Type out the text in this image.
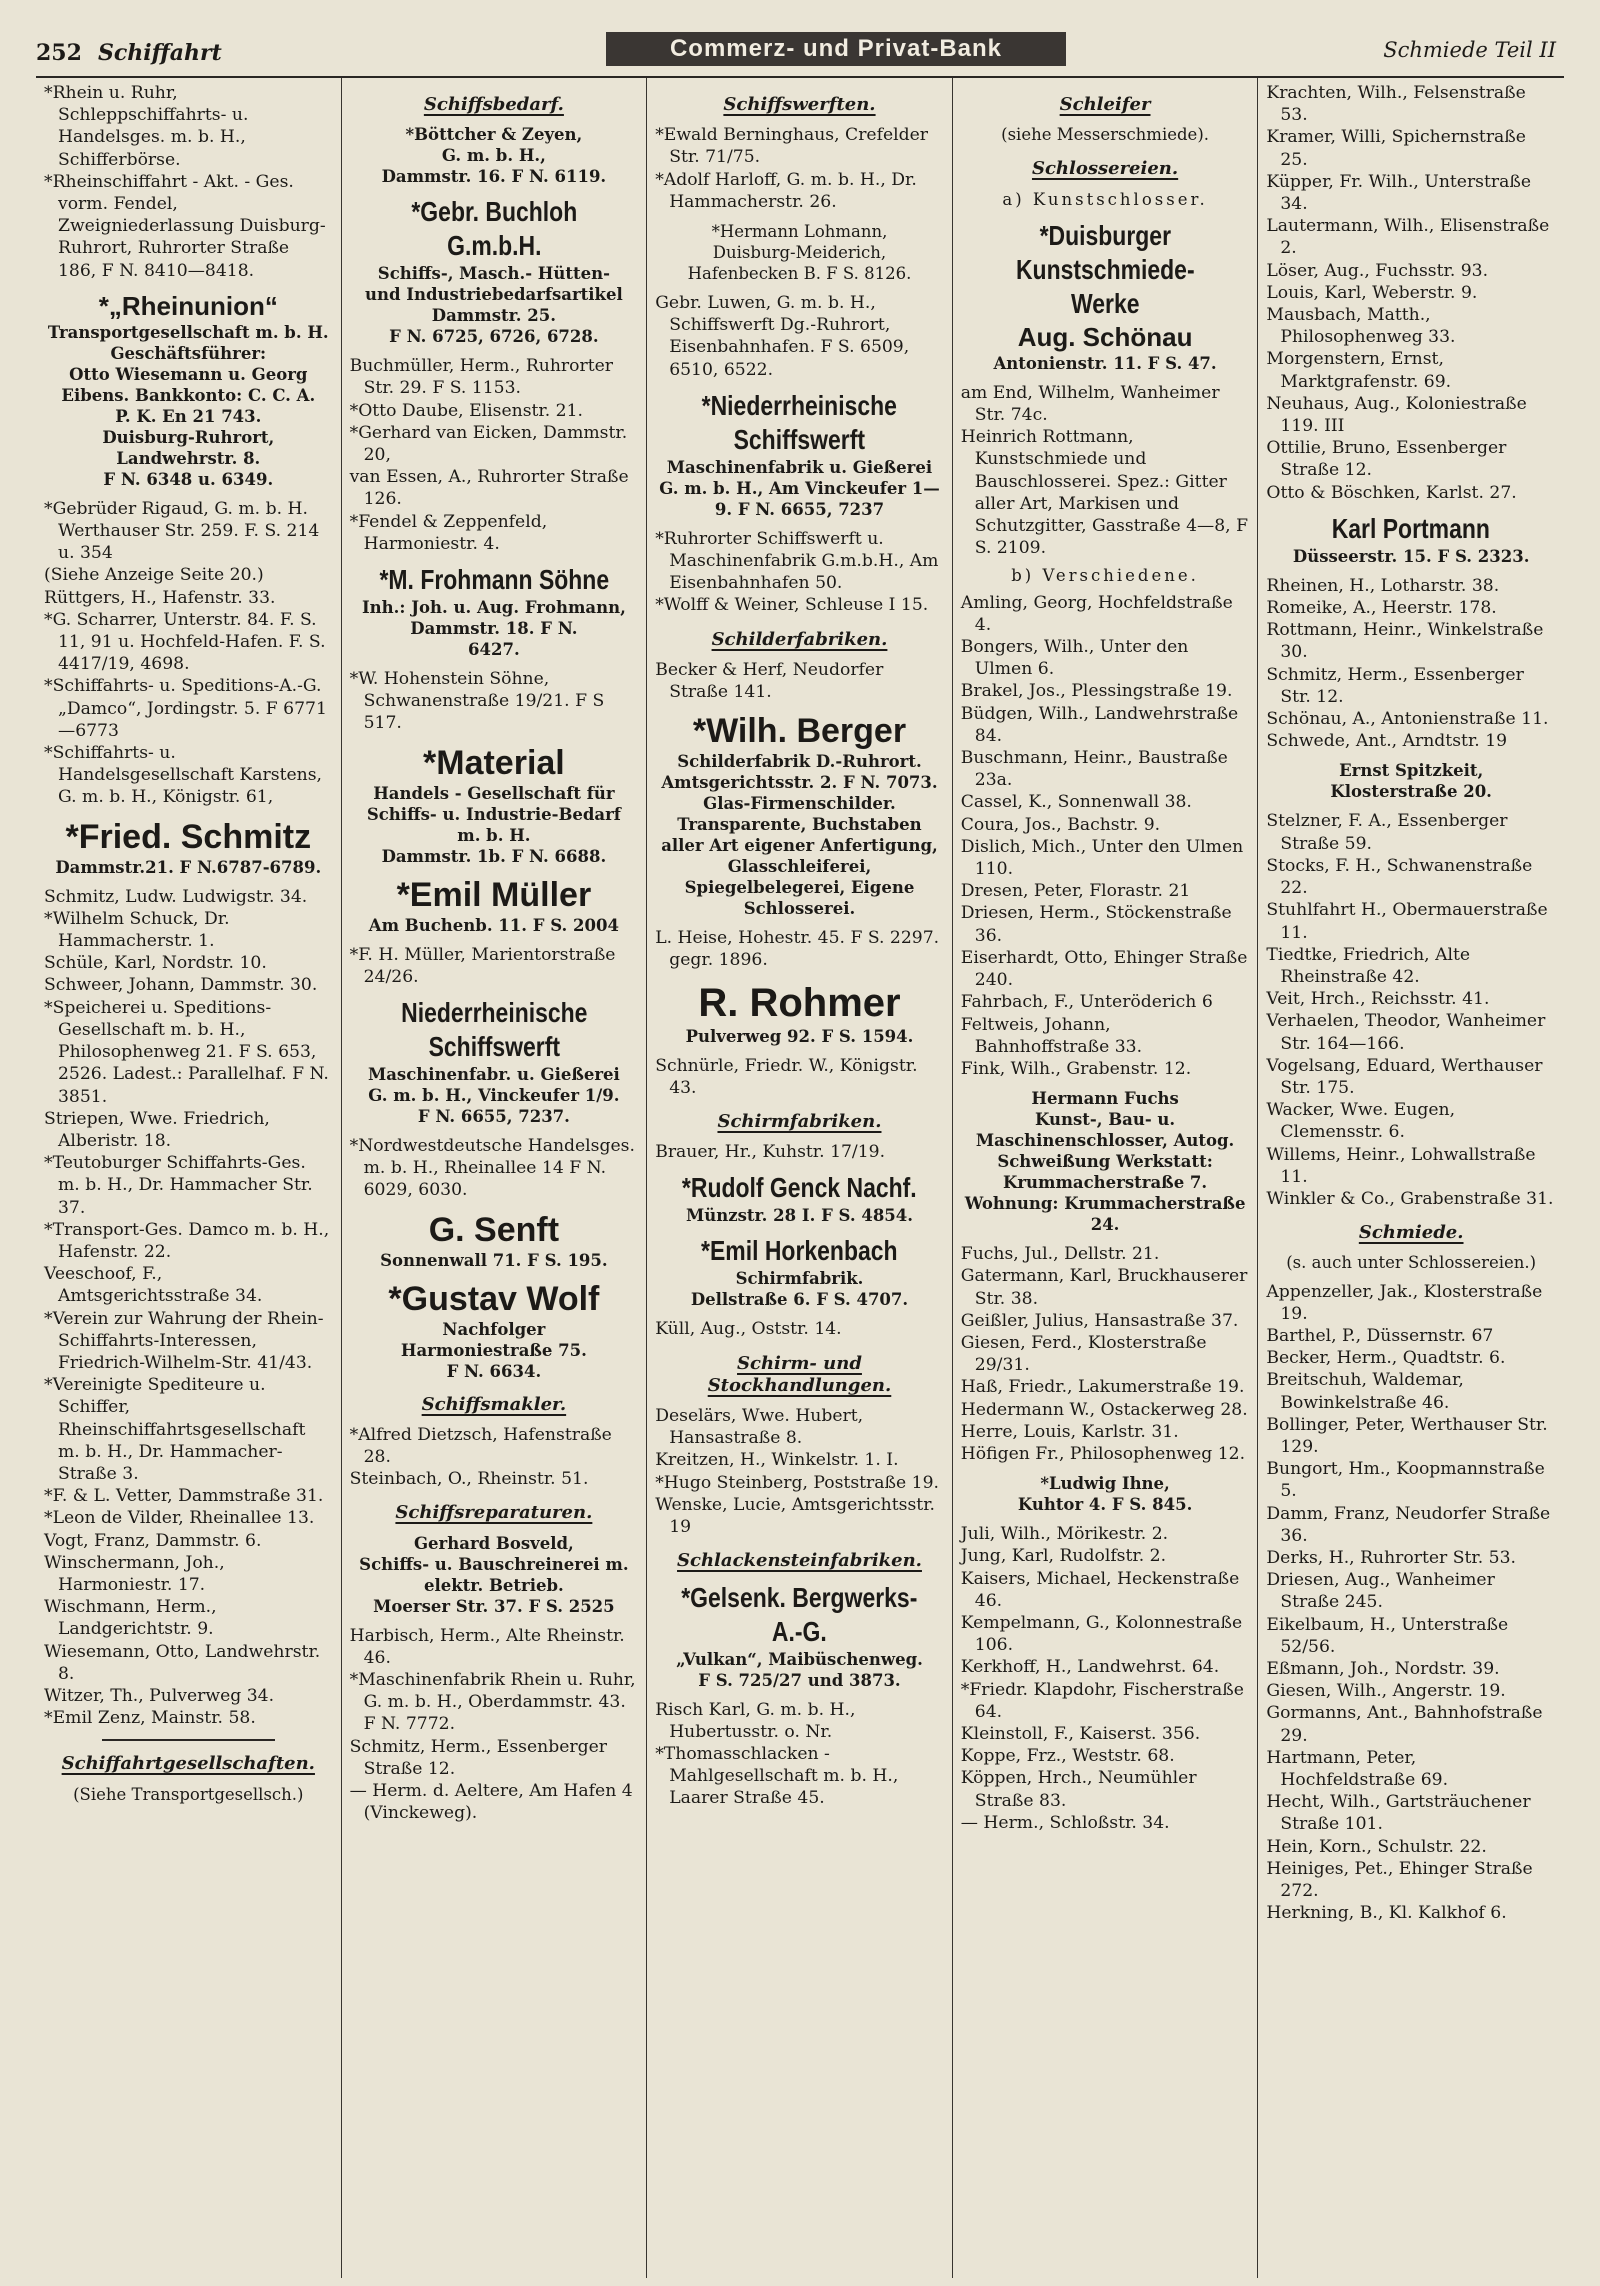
252 Schiffahrt	Commerz- und Privat-Bank	Schmiede Teil II

*Rhein u. Ruhr, Schleppschiffahrts- u. Handelsges. m. b. H., Schifferbörse.

*Rheinschiffahrt - Akt. - Ges. vorm. Fendel, Zweigniederlassung Duisburg-Ruhrort, Ruhrorter Straße 186, F N. 8410—8418.

*„Rheinunion“
Transportgesellschaft m. b. H.
Geschäftsführer:
Otto Wiesemann u. Georg
Eibens. Bankkonto: C. C. A.
P. K. En 21 743.
Duisburg-Ruhrort,
Landwehrstr. 8.
F N. 6348 u. 6349.

*Gebrüder Rigaud, G. m. b. H. Werthauser Str. 259. F. S. 214 u. 354

(Siehe Anzeige Seite 20.)

Rüttgers, H., Hafenstr. 33.

*G. Scharrer, Unterstr. 84. F. S. 11, 91 u. Hochfeld-Hafen. F. S. 4417/19, 4698.

*Schiffahrts- u. Speditions-A.-G. „Damco“, Jordingstr. 5. F 6771—6773

*Schiffahrts- u. Handelsgesellschaft Karstens, G. m. b. H., Königstr. 61,

*Fried. Schmitz
Dammstr.21. F N.6787-6789.

Schmitz, Ludw. Ludwigstr. 34.

*Wilhelm Schuck, Dr. Hammacherstr. 1.

Schüle, Karl, Nordstr. 10.

Schweer, Johann, Dammstr. 30.

*Speicherei u. Speditions-Gesellschaft m. b. H., Philosophenweg 21. F S. 653, 2526. Ladest.: Parallelhaf. F N. 3851.

Striepen, Wwe. Friedrich, Alberistr. 18.

*Teutoburger Schiffahrts-Ges. m. b. H., Dr. Hammacher Str. 37.

*Transport-Ges. Damco m. b. H., Hafenstr. 22.

Veeschoof, F., Amtsgerichtsstraße 34.

*Verein zur Wahrung der Rhein-Schiffahrts-Interessen, Friedrich-Wilhelm-Str. 41/43.

*Vereinigte Spediteure u. Schiffer, Rheinschiffahrtsgesellschaft m. b. H., Dr. Hammacher-Straße 3.

*F. & L. Vetter, Dammstraße 31.

*Leon de Vilder, Rheinallee 13.

Vogt, Franz, Dammstr. 6.

Winschermann, Joh., Harmoniestr. 17.

Wischmann, Herm., Landgerichtstr. 9.

Wiesemann, Otto, Landwehrstr. 8.

Witzer, Th., Pulverweg 34.

*Emil Zenz, Mainstr. 58.

Schiffahrtgesellschaften.
(Siehe Transportgesellsch.)
Schiffsbedarf.
*Böttcher & Zeyen,
G. m. b. H.,
Dammstr. 16. F N. 6119.
*Gebr. Buchloh G.m.b.H.
Schiffs-, Masch.- Hütten-
und Industriebedarfsartikel
Dammstr. 25.
F N. 6725, 6726, 6728.

Buchmüller, Herm., Ruhrorter Str. 29. F S. 1153.

*Otto Daube, Elisenstr. 21.

*Gerhard van Eicken, Dammstr. 20,

van Essen, A., Ruhrorter Straße 126.

*Fendel & Zeppenfeld, Harmoniestr. 4.

*M. Frohmann Söhne
Inh.: Joh. u. Aug. Frohmann, Dammstr. 18. F N.
6427.

*W. Hohenstein Söhne, Schwanenstraße 19/21. F S 517.

*Material
Handels - Gesellschaft für
Schiffs- u. Industrie-Bedarf
m. b. H.
Dammstr. 1b. F N. 6688.
*Emil Müller
Am Buchenb. 11. F S. 2004

*F. H. Müller, Marientorstraße 24/26.

Niederrheinische
Schiffswerft
Maschinenfabr. u. Gießerei
G. m. b. H., Vinckeufer 1/9.
F N. 6655, 7237.

*Nordwestdeutsche Handelsges. m. b. H., Rheinallee 14 F N. 6029, 6030.

G. Senft
Sonnenwall 71. F S. 195.
*Gustav Wolf
Nachfolger
Harmoniestraße 75.
F N. 6634.
Schiffsmakler.

*Alfred Dietzsch, Hafenstraße 28.

Steinbach, O., Rheinstr. 51.

Schiffsreparaturen.
Gerhard Bosveld,
Schiffs- u. Bauschreinerei m.
elektr. Betrieb.
Moerser Str. 37. F S. 2525

Harbisch, Herm., Alte Rheinstr. 46.

*Maschinenfabrik Rhein u. Ruhr, G. m. b. H., Oberdammstr. 43. F N. 7772.

Schmitz, Herm., Essenberger Straße 12.

— Herm. d. Aeltere, Am Hafen 4 (Vinckeweg).

Schiffswerften.

*Ewald Berninghaus, Crefelder Str. 71/75.

*Adolf Harloff, G. m. b. H., Dr. Hammacherstr. 26.

*Hermann Lohmann,
Duisburg-Meiderich,
Hafenbecken B. F S. 8126.

Gebr. Luwen, G. m. b. H., Schiffswerft Dg.-Ruhrort, Eisenbahnhafen. F S. 6509, 6510, 6522.

*Niederrheinische
Schiffswerft
Maschinenfabrik u. Gießerei
G. m. b. H., Am Vinckeufer 1—9. F N. 6655, 7237

*Ruhrorter Schiffswerft u. Maschinenfabrik G.m.b.H., Am Eisenbahnhafen 50.

*Wolff & Weiner, Schleuse I 15.

Schilderfabriken.

Becker & Herf, Neudorfer Straße 141.

*Wilh. Berger
Schilderfabrik D.-Ruhrort.
Amtsgerichtsstr. 2. F N. 7073. Glas-Firmenschilder. Transparente, Buchstaben aller Art eigener Anfertigung, Glasschleiferei, Spiegelbelegerei, Eigene Schlosserei.

L. Heise, Hohestr. 45. F S. 2297. gegr. 1896.

R. Rohmer
Pulverweg 92. F S. 1594.

Schnürle, Friedr. W., Königstr. 43.

Schirmfabriken.

Brauer, Hr., Kuhstr. 17/19.

*Rudolf Genck Nachf.
Münzstr. 28 I. F S. 4854.
*Emil Horkenbach
Schirmfabrik.
Dellstraße 6. F S. 4707.

Küll, Aug., Oststr. 14.

Schirm- und Stockhandlungen.

Deselärs, Wwe. Hubert, Hansastraße 8.

Kreitzen, H., Winkelstr. 1. I.

*Hugo Steinberg, Poststraße 19.

Wenske, Lucie, Amtsgerichtsstr. 19

Schlackensteinfabriken.
*Gelsenk. Bergwerks-A.-G.
„Vulkan“, Maibüschenweg.
F S. 725/27 und 3873.

Risch Karl, G. m. b. H., Hubertusstr. o. Nr.

*Thomasschlacken - Mahlgesellschaft m. b. H., Laarer Straße 45.

Schleifer
(siehe Messerschmiede).
Schlossereien.
a) Kunstschlosser.
*Duisburger
Kunstschmiede-
Werke
Aug. Schönau
Antonienstr. 11. F S. 47.

am End, Wilhelm, Wanheimer Str. 74c.

Heinrich Rottmann, Kunstschmiede und Bauschlosserei. Spez.: Gitter aller Art, Markisen und Schutzgitter, Gasstraße 4—8, F S. 2109.

b) Verschiedene.

Amling, Georg, Hochfeldstraße 4.

Bongers, Wilh., Unter den Ulmen 6.

Brakel, Jos., Plessingstraße 19.

Büdgen, Wilh., Landwehrstraße 84.

Buschmann, Heinr., Baustraße 23a.

Cassel, K., Sonnenwall 38.

Coura, Jos., Bachstr. 9.

Dislich, Mich., Unter den Ulmen 110.

Dresen, Peter, Florastr. 21

Driesen, Herm., Stöckenstraße 36.

Eiserhardt, Otto, Ehinger Straße 240.

Fahrbach, F., Unteröderich 6

Feltweis, Johann, Bahnhoffstraße 33.

Fink, Wilh., Grabenstr. 12.

Hermann Fuchs
Kunst-, Bau- u. Maschinenschlosser, Autog. Schweißung Werkstatt: Krummacherstraße 7. Wohnung: Krummacherstraße 24.

Fuchs, Jul., Dellstr. 21.

Gatermann, Karl, Bruckhauserer Str. 38.

Geißler, Julius, Hansastraße 37.

Giesen, Ferd., Klosterstraße 29/31.

Haß, Friedr., Lakumerstraße 19.

Hedermann W., Ostackerweg 28.

Herre, Louis, Karlstr. 31.

Höfigen Fr., Philosophenweg 12.

*Ludwig Ihne,
Kuhtor 4. F S. 845.

Juli, Wilh., Mörikestr. 2.

Jung, Karl, Rudolfstr. 2.

Kaisers, Michael, Heckenstraße 46.

Kempelmann, G., Kolonnestraße 106.

Kerkhoff, H., Landwehrst. 64.

*Friedr. Klapdohr, Fischerstraße 64.

Kleinstoll, F., Kaiserst. 356.

Koppe, Frz., Weststr. 68.

Köppen, Hrch., Neumühler Straße 83.

— Herm., Schloßstr. 34.

Krachten, Wilh., Felsenstraße 53.

Kramer, Willi, Spichernstraße 25.

Küpper, Fr. Wilh., Unterstraße 34.

Lautermann, Wilh., Elisenstraße 2.

Löser, Aug., Fuchsstr. 93.

Louis, Karl, Weberstr. 9.

Mausbach, Matth., Philosophenweg 33.

Morgenstern, Ernst, Marktgrafenstr. 69.

Neuhaus, Aug., Koloniestraße 119. III

Ottilie, Bruno, Essenberger Straße 12.

Otto & Böschken, Karlst. 27.

Karl Portmann
Düsseerstr. 15. F S. 2323.

Rheinen, H., Lotharstr. 38.

Romeike, A., Heerstr. 178.

Rottmann, Heinr., Winkelstraße 30.

Schmitz, Herm., Essenberger Str. 12.

Schönau, A., Antonienstraße 11.

Schwede, Ant., Arndtstr. 19

Ernst Spitzkeit,
Klosterstraße 20.

Stelzner, F. A., Essenberger Straße 59.

Stocks, F. H., Schwanenstraße 22.

Stuhlfahrt H., Obermauerstraße 11.

Tiedtke, Friedrich, Alte Rheinstraße 42.

Veit, Hrch., Reichsstr. 41.

Verhaelen, Theodor, Wanheimer Str. 164—166.

Vogelsang, Eduard, Werthauser Str. 175.

Wacker, Wwe. Eugen, Clemensstr. 6.

Willems, Heinr., Lohwallstraße 11.

Winkler & Co., Grabenstraße 31.

Schmiede.
(s. auch unter Schlossereien.)

Appenzeller, Jak., Klosterstraße 19.

Barthel, P., Düssernstr. 67

Becker, Herm., Quadtstr. 6.

Breitschuh, Waldemar, Bowinkelstraße 46.

Bollinger, Peter, Werthauser Str. 129.

Bungort, Hm., Koopmannstraße 5.

Damm, Franz, Neudorfer Straße 36.

Derks, H., Ruhrorter Str. 53.

Driesen, Aug., Wanheimer Straße 245.

Eikelbaum, H., Unterstraße 52/56.

Eßmann, Joh., Nordstr. 39.

Giesen, Wilh., Angerstr. 19.

Gormanns, Ant., Bahnhofstraße 29.

Hartmann, Peter, Hochfeldstraße 69.

Hecht, Wilh., Gartsträuchener Straße 101.

Hein, Korn., Schulstr. 22.

Heiniges, Pet., Ehinger Straße 272.

Herkning, B., Kl. Kalkhof 6.
